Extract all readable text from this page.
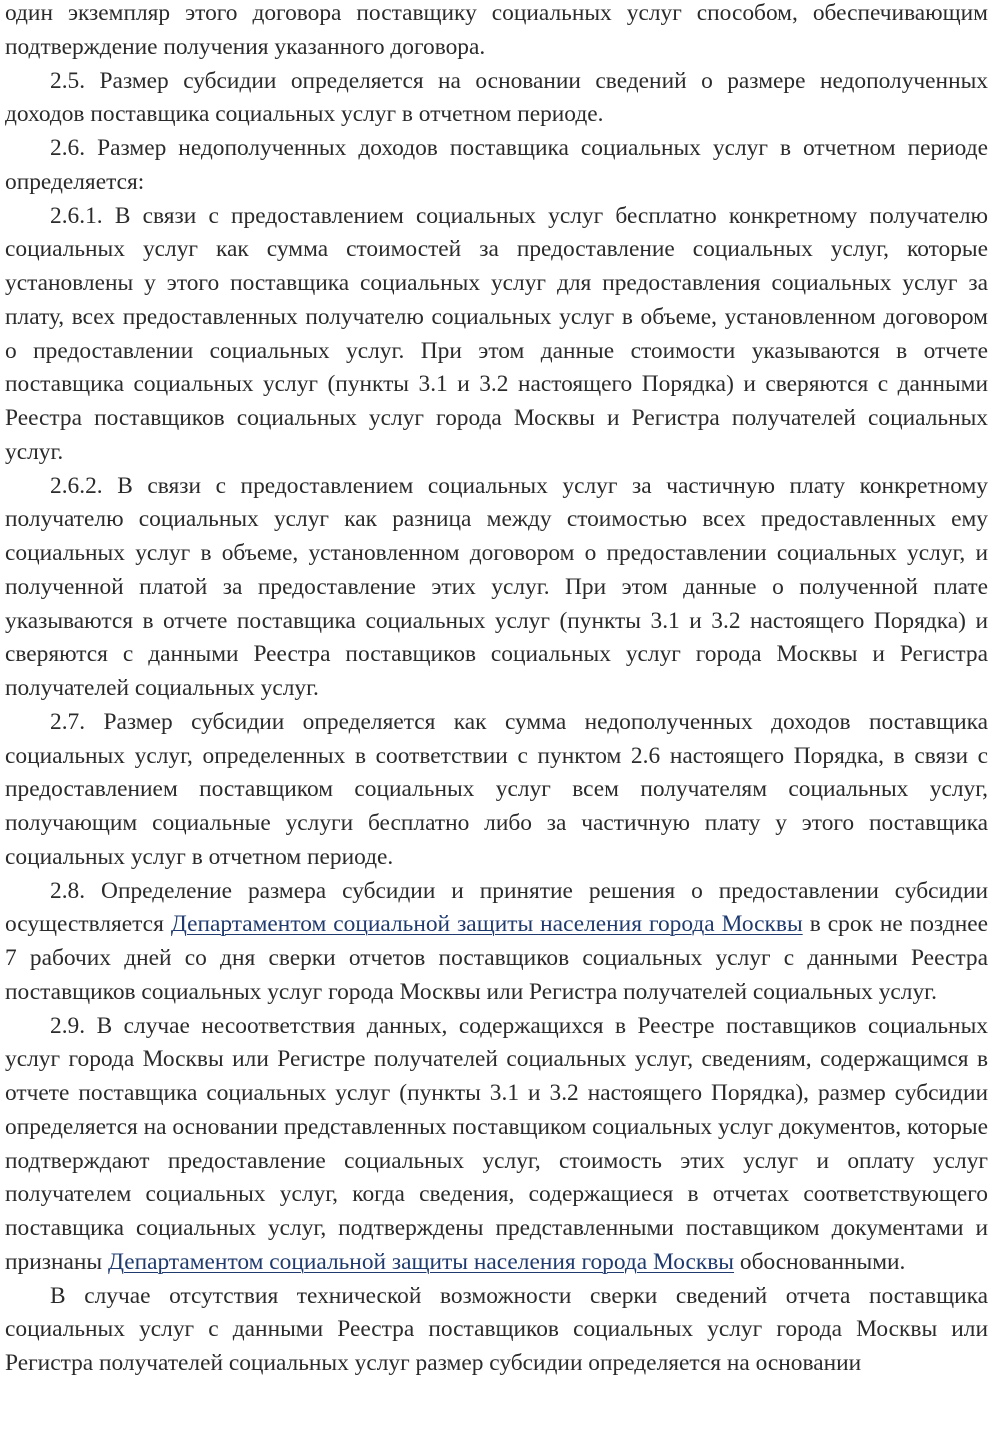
один экземпляр этого договора поставщику социальных услуг способом, обеспечивающим подтверждение получения указанного договора.

2.5. Размер субсидии определяется на основании сведений о размере недополученных доходов поставщика социальных услуг в отчетном периоде.

2.6. Размер недополученных доходов поставщика социальных услуг в отчетном периоде определяется:

2.6.1. В связи с предоставлением социальных услуг бесплатно конкретному получателю социальных услуг как сумма стоимостей за предоставление социальных услуг, которые установлены у этого поставщика социальных услуг для предоставления социальных услуг за плату, всех предоставленных получателю социальных услуг в объеме, установленном договором о предоставлении социальных услуг. При этом данные стоимости указываются в отчете поставщика социальных услуг (пункты 3.1 и 3.2 настоящего Порядка) и сверяются с данными Реестра поставщиков социальных услуг города Москвы и Регистра получателей социальных услуг.

2.6.2. В связи с предоставлением социальных услуг за частичную плату конкретному получателю социальных услуг как разница между стоимостью всех предоставленных ему социальных услуг в объеме, установленном договором о предоставлении социальных услуг, и полученной платой за предоставление этих услуг. При этом данные о полученной плате указываются в отчете поставщика социальных услуг (пункты 3.1 и 3.2 настоящего Порядка) и сверяются с данными Реестра поставщиков социальных услуг города Москвы и Регистра получателей социальных услуг.

2.7. Размер субсидии определяется как сумма недополученных доходов поставщика социальных услуг, определенных в соответствии с пунктом 2.6 настоящего Порядка, в связи с предоставлением поставщиком социальных услуг всем получателям социальных услуг, получающим социальные услуги бесплатно либо за частичную плату у этого поставщика социальных услуг в отчетном периоде.

2.8. Определение размера субсидии и принятие решения о предоставлении субсидии осуществляется Департаментом социальной защиты населения города Москвы в срок не позднее 7 рабочих дней со дня сверки отчетов поставщиков социальных услуг с данными Реестра поставщиков социальных услуг города Москвы или Регистра получателей социальных услуг.

2.9. В случае несоответствия данных, содержащихся в Реестре поставщиков социальных услуг города Москвы или Регистре получателей социальных услуг, сведениям, содержащимся в отчете поставщика социальных услуг (пункты 3.1 и 3.2 настоящего Порядка), размер субсидии определяется на основании представленных поставщиком социальных услуг документов, которые подтверждают предоставление социальных услуг, стоимость этих услуг и оплату услуг получателем социальных услуг, когда сведения, содержащиеся в отчетах соответствующего поставщика социальных услуг, подтверждены представленными поставщиком документами и признаны Департаментом социальной защиты населения города Москвы обоснованными.

В случае отсутствия технической возможности сверки сведений отчета поставщика социальных услуг с данными Реестра поставщиков социальных услуг города Москвы или Регистра получателей социальных услуг размер субсидии определяется на основании
